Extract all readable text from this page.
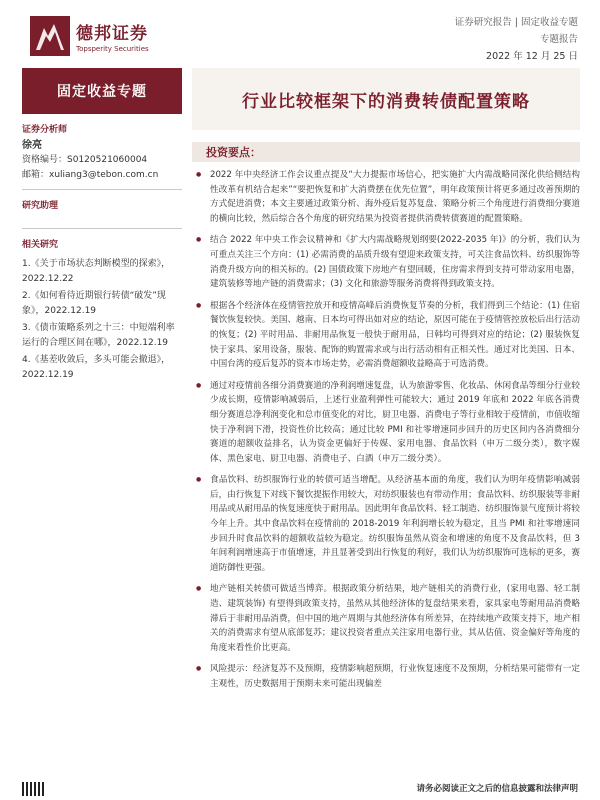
德邦证券
Topsperity Securities
证券研究报告 | 固定收益专题
专题报告
2022 年 12 月 25 日
固定收益专题
证券分析师
徐亮
资格编号：S0120521060004
邮箱：xuliang3@tebon.com.cn
研究助理
相关研究
1.《关于市场状态判断模型的探索》，2022.12.22
2.《如何看待近期银行转债“破发”现象》，2022.12.19
3.《债市策略系列之十三：中短端利率运行的合理区间在哪》，2022.12.19
4.《基差收敛后，多头可能会撤退》，2022.12.19
行业比较框架下的消费转债配置策略
投资要点：
● 2022 年中央经济工作会议重点提及“大力提振市场信心，把实施扩大内需战略同深化供给侧结构性改革有机结合起来”“要把恢复和扩大消费摆在优先位置”，明年政策预计将更多通过改善预期的方式促进消费；本文主要通过政策分析、海外疫后复苏复盘、策略分析三个角度进行消费细分赛道的横向比较，然后综合各个角度的研究结果为投资者提供消费转债赛道的配置策略。
● 结合 2022 年中央工作会议精神和《扩大内需战略规划纲要(2022-2035 年)》的分析，我们认为可重点关注三个方向：(1) 必需消费的品质升级有望迎来政策支持，可关注食品饮料、纺织服饰等消费升级方向的相关标的。(2) 国债政策下房地产有望回暖，住房需求得到支持可带动家用电器，建筑装修等地产链的消费需求；(3) 文化和旅游等服务消费将得到政策支持。
● 根据各个经济体在疫情管控放开和疫情高峰后消费恢复节奏的分析，我们得到三个结论：(1) 住宿餐饮恢复较快。美国、越南、日本均可得出如对应的结论，原因可能在于疫情管控放松后出行活动的恢复；(2) 平时用品、非耐用品恢复一般快于耐用品，日韩均可得到对应的结论；(2) 服装恢复快于家具、家用设备，服装、配饰的购置需求或与出行活动相有正相关性。通过对比美国、日本、中国台湾的疫后复苏的资本市场走势，必需消费超额收益略高于可选消费。
● 通过对疫情前各细分消费赛道的净利润增速复盘，认为旅游零售、化妆品、休闲食品等细分行业较少成长期，疫情影响减弱后，上述行业盈利弹性可能较大；通过 2019 年底和 2022 年底各消费细分赛道总净利润变化和总市值变化的对比，厨卫电器、消费电子等行业相较于疫情前，市值收缩快于净利润下滑，投资性价比较高；通过比较 PMI 和社零增速同步回升的历史区间内各消费细分赛道的超额收益排名，认为资金更偏好于传媒、家用电器、食品饮料（申万二级分类），数字媒体、黑色家电、厨卫电器、消费电子、白酒（申万二级分类）。
● 食品饮料、纺织服饰行业的转债可适当增配。从经济基本面的角度，我们认为明年疫情影响减弱后，由行恢复下对线下餐饮提振作用较大，对纺织服装也有带动作用；食品饮料、纺织服装等非耐用品或从耐用品的恢复速度快于耐用品。因此明年食品饮料、轻工制造、纺织服饰景气度预计将较今年上升。其中食品饮料在疫情前的 2018-2019 年利润增长较为稳定，且当 PMI 和社零增速同步回升时食品饮料的超额收益较为稳定。纺织服饰虽然从资金和增速的角度不及食品饮料，但 3 年间利润增速高于市值增速，并且显著受到出行恢复的利好，我们认为纺织服饰可选标的更多，赛道防御性更强。
● 地产链相关转债可做适当博弈。根据政策分析结果，地产链相关的消费行业，(家用电器、轻工制造、建筑装饰) 有望得到政策支持，虽然从其他经济体的复盘结果来看，家具家电等耐用品消费略滞后于非耐用品消费，但中国的地产周期与其他经济体有所差异，在持续地产政策支持下，地产相关的消费需求有望从底部复苏；建议投资者重点关注家用电器行业，其从估值、资金偏好等角度的角度来看性价比更高。
● 风险提示：经济复苏不及预期，疫情影响超预期，行业恢复速度不及预期，分析结果可能带有一定主观性，历史数据用于预期未来可能出现偏差
请务必阅读正文之后的信息披露和法律声明
